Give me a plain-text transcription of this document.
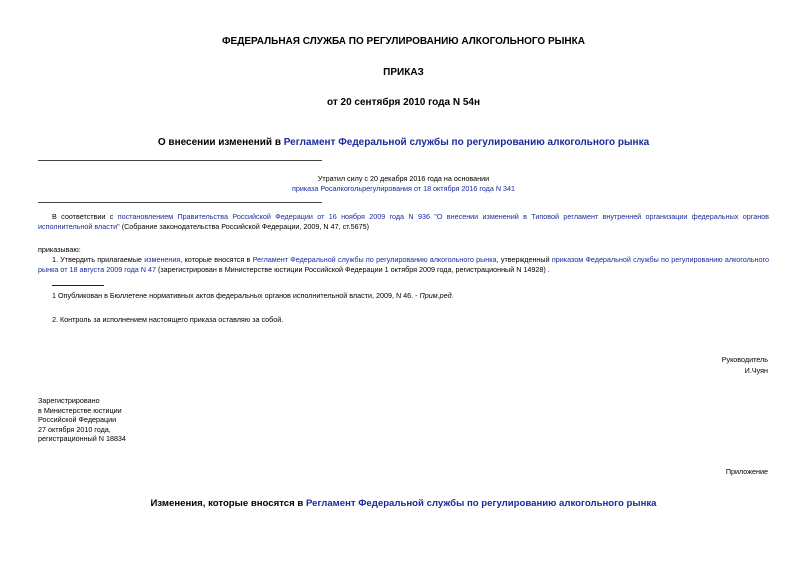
ФЕДЕРАЛЬНАЯ СЛУЖБА ПО РЕГУЛИРОВАНИЮ АЛКОГОЛЬНОГО РЫНКА
ПРИКАЗ
от 20 сентября 2010 года N 54н
О внесении изменений в Регламент Федеральной службы по регулированию алкогольного рынка
Утратил силу с 20 декабря 2016 года на основании
приказа Росалкогольрегулирования от 18 октября 2016 года N 341
В соответствии с постановлением Правительства Российской Федерации от 16 ноября 2009 года N 936 "О внесении изменений в Типовой регламент внутренней организации федеральных органов исполнительной власти" (Собрание законодательства Российской Федерации, 2009, N 47, ст.5675)
приказываю:
1. Утвердить прилагаемые изменения, которые вносятся в Регламент Федеральной службы по регулированию алкогольного рынка, утвержденный приказом Федеральной службы по регулированию алкогольного рынка от 18 августа 2009 года N 47 (зарегистрирован в Министерстве юстиции Российской Федерации 1 октября 2009 года, регистрационный N 14928) .
1 Опубликован в Бюллетене нормативных актов федеральных органов исполнительной власти, 2009, N 46. - Прим.ред.
2. Контроль за исполнением настоящего приказа оставляю за собой.
Руководитель
И.Чуян
Зарегистрировано
в Министерстве юстиции
Российской Федерации
27 октября 2010 года,
регистрационный N 18834
Приложение
Изменения, которые вносятся в Регламент Федеральной службы по регулированию алкогольного рынка
